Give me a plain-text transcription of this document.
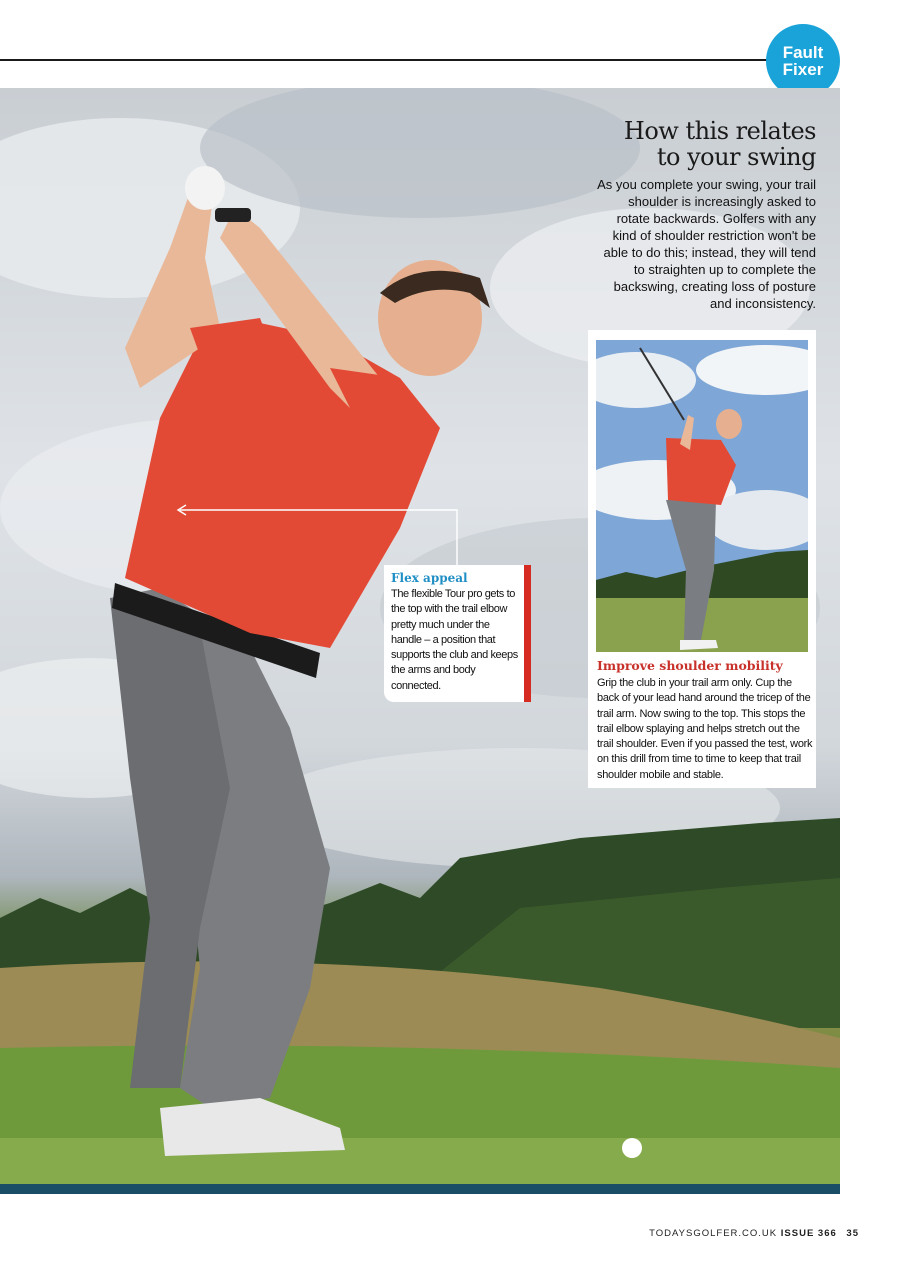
Fault
Fixer
How this relates
to your swing
As you complete your swing, your trail shoulder is increasingly asked to rotate backwards. Golfers with any kind of shoulder restriction won't be able to do this; instead, they will tend to straighten up to complete the backswing, creating loss of posture and inconsistency.
Improve shoulder mobility
Grip the club in your trail arm only. Cup the back of your lead hand around the tricep of the trail arm. Now swing to the top. This stops the trail elbow splaying and helps stretch out the trail shoulder. Even if you passed the test, work on this drill from time to time to keep that trail shoulder mobile and stable.
Flex appeal
The flexible Tour pro gets to the top with the trail elbow pretty much under the handle – a position that supports the club and keeps the arms and body connected.
TODAYSGOLFER.CO.UK ISSUE 366 35
